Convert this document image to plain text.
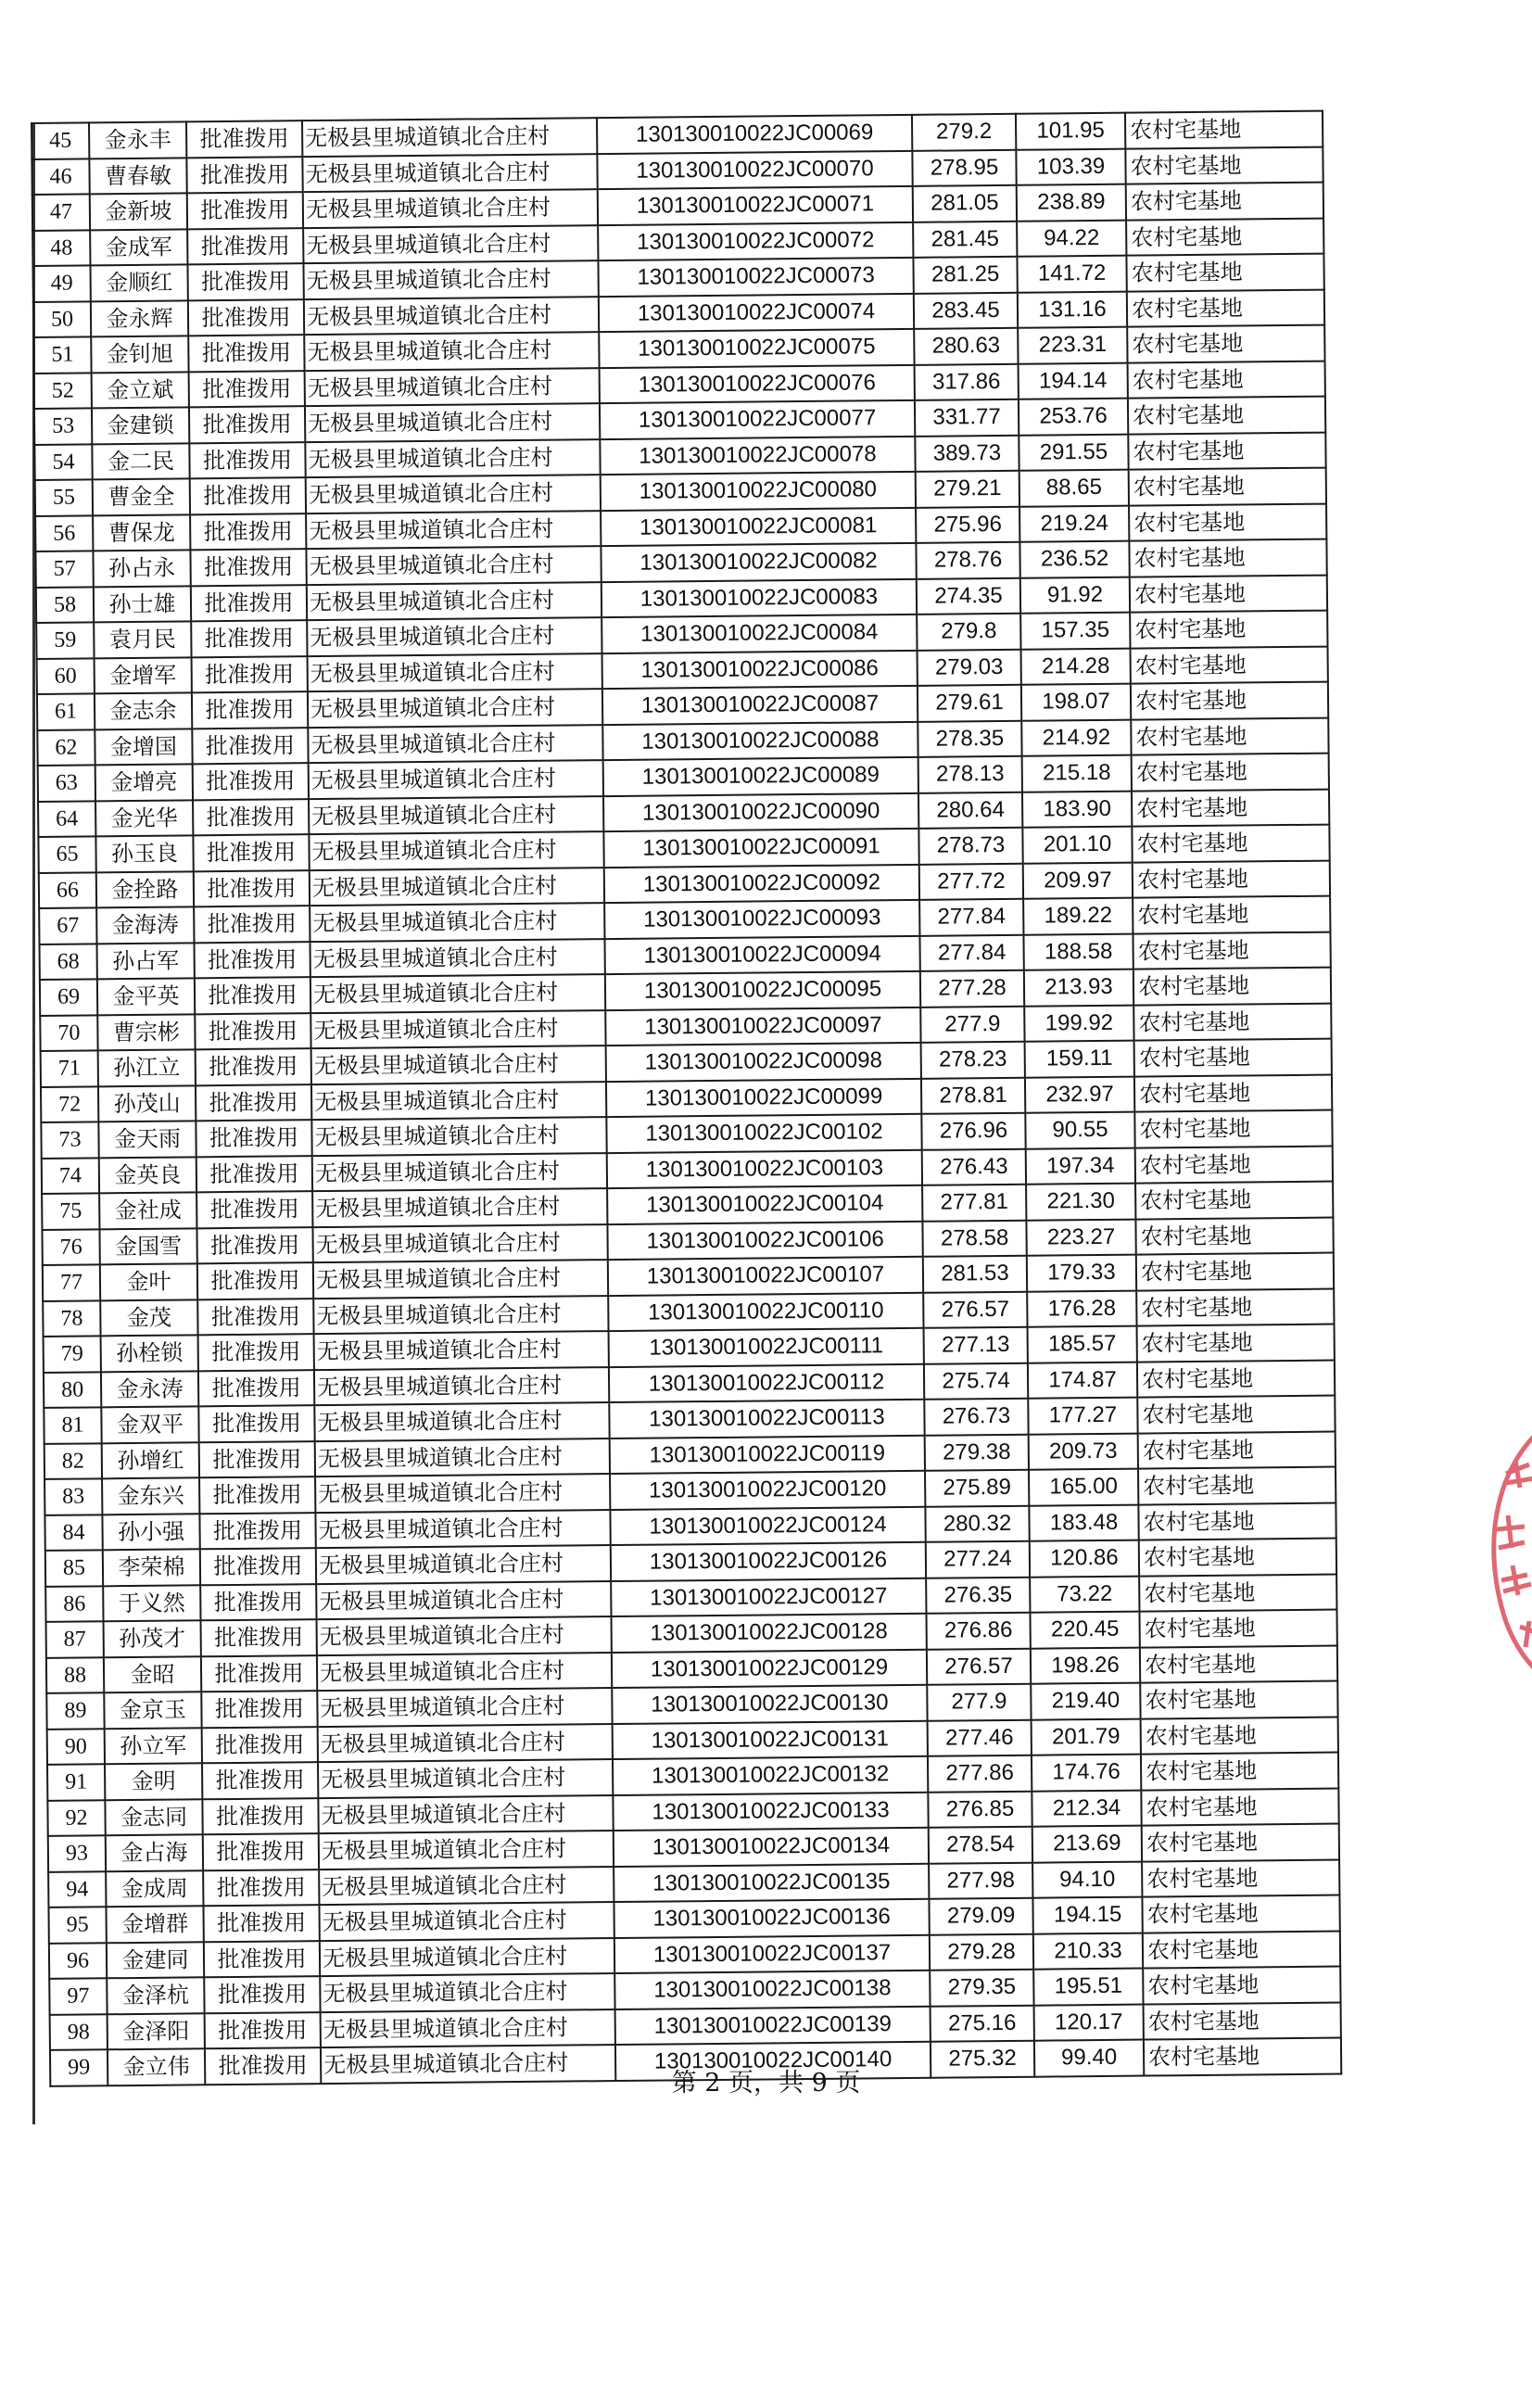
45	金永丰	批准拨用	无极县里城道镇北合庄村	130130010022JC00069	279.2	101.95	农村宅基地
46	曹春敏	批准拨用	无极县里城道镇北合庄村	130130010022JC00070	278.95	103.39	农村宅基地
47	金新坡	批准拨用	无极县里城道镇北合庄村	130130010022JC00071	281.05	238.89	农村宅基地
48	金成军	批准拨用	无极县里城道镇北合庄村	130130010022JC00072	281.45	94.22	农村宅基地
49	金顺红	批准拨用	无极县里城道镇北合庄村	130130010022JC00073	281.25	141.72	农村宅基地
50	金永辉	批准拨用	无极县里城道镇北合庄村	130130010022JC00074	283.45	131.16	农村宅基地
51	金钊旭	批准拨用	无极县里城道镇北合庄村	130130010022JC00075	280.63	223.31	农村宅基地
52	金立斌	批准拨用	无极县里城道镇北合庄村	130130010022JC00076	317.86	194.14	农村宅基地
53	金建锁	批准拨用	无极县里城道镇北合庄村	130130010022JC00077	331.77	253.76	农村宅基地
54	金二民	批准拨用	无极县里城道镇北合庄村	130130010022JC00078	389.73	291.55	农村宅基地
55	曹金全	批准拨用	无极县里城道镇北合庄村	130130010022JC00080	279.21	88.65	农村宅基地
56	曹保龙	批准拨用	无极县里城道镇北合庄村	130130010022JC00081	275.96	219.24	农村宅基地
57	孙占永	批准拨用	无极县里城道镇北合庄村	130130010022JC00082	278.76	236.52	农村宅基地
58	孙士雄	批准拨用	无极县里城道镇北合庄村	130130010022JC00083	274.35	91.92	农村宅基地
59	袁月民	批准拨用	无极县里城道镇北合庄村	130130010022JC00084	279.8	157.35	农村宅基地
60	金增军	批准拨用	无极县里城道镇北合庄村	130130010022JC00086	279.03	214.28	农村宅基地
61	金志余	批准拨用	无极县里城道镇北合庄村	130130010022JC00087	279.61	198.07	农村宅基地
62	金增国	批准拨用	无极县里城道镇北合庄村	130130010022JC00088	278.35	214.92	农村宅基地
63	金增亮	批准拨用	无极县里城道镇北合庄村	130130010022JC00089	278.13	215.18	农村宅基地
64	金光华	批准拨用	无极县里城道镇北合庄村	130130010022JC00090	280.64	183.90	农村宅基地
65	孙玉良	批准拨用	无极县里城道镇北合庄村	130130010022JC00091	278.73	201.10	农村宅基地
66	金拴路	批准拨用	无极县里城道镇北合庄村	130130010022JC00092	277.72	209.97	农村宅基地
67	金海涛	批准拨用	无极县里城道镇北合庄村	130130010022JC00093	277.84	189.22	农村宅基地
68	孙占军	批准拨用	无极县里城道镇北合庄村	130130010022JC00094	277.84	188.58	农村宅基地
69	金平英	批准拨用	无极县里城道镇北合庄村	130130010022JC00095	277.28	213.93	农村宅基地
70	曹宗彬	批准拨用	无极县里城道镇北合庄村	130130010022JC00097	277.9	199.92	农村宅基地
71	孙江立	批准拨用	无极县里城道镇北合庄村	130130010022JC00098	278.23	159.11	农村宅基地
72	孙茂山	批准拨用	无极县里城道镇北合庄村	130130010022JC00099	278.81	232.97	农村宅基地
73	金天雨	批准拨用	无极县里城道镇北合庄村	130130010022JC00102	276.96	90.55	农村宅基地
74	金英良	批准拨用	无极县里城道镇北合庄村	130130010022JC00103	276.43	197.34	农村宅基地
75	金社成	批准拨用	无极县里城道镇北合庄村	130130010022JC00104	277.81	221.30	农村宅基地
76	金国雪	批准拨用	无极县里城道镇北合庄村	130130010022JC00106	278.58	223.27	农村宅基地
77	金叶	批准拨用	无极县里城道镇北合庄村	130130010022JC00107	281.53	179.33	农村宅基地
78	金茂	批准拨用	无极县里城道镇北合庄村	130130010022JC00110	276.57	176.28	农村宅基地
79	孙栓锁	批准拨用	无极县里城道镇北合庄村	130130010022JC00111	277.13	185.57	农村宅基地
80	金永涛	批准拨用	无极县里城道镇北合庄村	130130010022JC00112	275.74	174.87	农村宅基地
81	金双平	批准拨用	无极县里城道镇北合庄村	130130010022JC00113	276.73	177.27	农村宅基地
82	孙增红	批准拨用	无极县里城道镇北合庄村	130130010022JC00119	279.38	209.73	农村宅基地
83	金东兴	批准拨用	无极县里城道镇北合庄村	130130010022JC00120	275.89	165.00	农村宅基地
84	孙小强	批准拨用	无极县里城道镇北合庄村	130130010022JC00124	280.32	183.48	农村宅基地
85	李荣棉	批准拨用	无极县里城道镇北合庄村	130130010022JC00126	277.24	120.86	农村宅基地
86	于义然	批准拨用	无极县里城道镇北合庄村	130130010022JC00127	276.35	73.22	农村宅基地
87	孙茂才	批准拨用	无极县里城道镇北合庄村	130130010022JC00128	276.86	220.45	农村宅基地
88	金昭	批准拨用	无极县里城道镇北合庄村	130130010022JC00129	276.57	198.26	农村宅基地
89	金京玉	批准拨用	无极县里城道镇北合庄村	130130010022JC00130	277.9	219.40	农村宅基地
90	孙立军	批准拨用	无极县里城道镇北合庄村	130130010022JC00131	277.46	201.79	农村宅基地
91	金明	批准拨用	无极县里城道镇北合庄村	130130010022JC00132	277.86	174.76	农村宅基地
92	金志同	批准拨用	无极县里城道镇北合庄村	130130010022JC00133	276.85	212.34	农村宅基地
93	金占海	批准拨用	无极县里城道镇北合庄村	130130010022JC00134	278.54	213.69	农村宅基地
94	金成周	批准拨用	无极县里城道镇北合庄村	130130010022JC00135	277.98	94.10	农村宅基地
95	金增群	批准拨用	无极县里城道镇北合庄村	130130010022JC00136	279.09	194.15	农村宅基地
96	金建同	批准拨用	无极县里城道镇北合庄村	130130010022JC00137	279.28	210.33	农村宅基地
97	金泽杭	批准拨用	无极县里城道镇北合庄村	130130010022JC00138	279.35	195.51	农村宅基地
98	金泽阳	批准拨用	无极县里城道镇北合庄村	130130010022JC00139	275.16	120.17	农村宅基地
99	金立伟	批准拨用	无极县里城道镇北合庄村	130130010022JC00140	275.32	99.40	农村宅基地
第 2 页，共 9 页
